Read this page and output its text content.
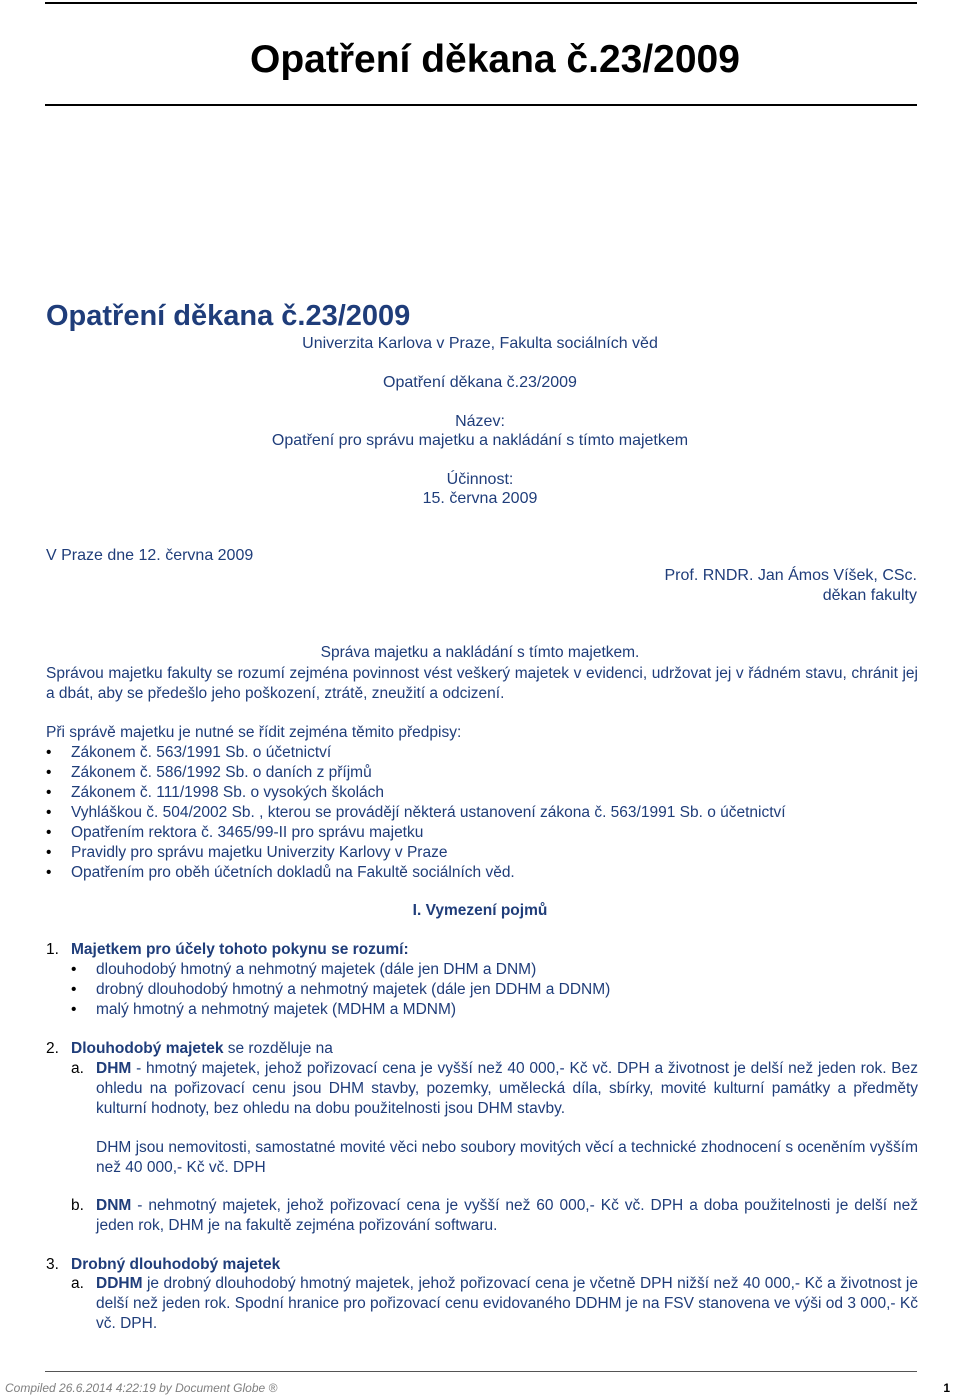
Opatření děkana č.23/2009
Opatření děkana č.23/2009
Univerzita Karlova v Praze, Fakulta sociálních věd
Opatření děkana č.23/2009
Název:
Opatření pro správu majetku a nakládání s tímto majetkem
Účinnost:
15. června 2009
V Praze dne 12. června 2009
Prof. RNDR. Jan Ámos Víšek, CSc.
děkan fakulty
Správa majetku a nakládání s tímto majetkem.
Správou majetku fakulty se rozumí zejména povinnost vést veškerý majetek v evidenci, udržovat jej v řádném stavu, chránit jej a dbát, aby se předešlo jeho poškození, ztrátě, zneužití a odcizení.
Při správě majetku je nutné se řídit zejména těmito předpisy:
• Zákonem č. 563/1991 Sb. o účetnictví
• Zákonem č. 586/1992 Sb. o daních z příjmů
• Zákonem č. 111/1998 Sb. o vysokých školách
• Vyhláškou č. 504/2002 Sb. , kterou se provádějí některá ustanovení zákona č. 563/1991 Sb. o účetnictví
• Opatřením rektora č. 3465/99-II pro správu majetku
• Pravidly pro správu majetku Univerzity Karlovy v Praze
• Opatřením pro oběh účetních dokladů na Fakultě sociálních věd.
I. Vymezení pojmů
1. Majetkem pro účely tohoto pokynu se rozumí:
• dlouhodobý hmotný a nehmotný majetek (dále jen DHM a DNM)
• drobný dlouhodobý hmotný a nehmotný majetek (dále jen DDHM a DDNM)
• malý hmotný a nehmotný majetek (MDHM a MDNM)
2. Dlouhodobý majetek se rozděluje na
a. DHM - hmotný majetek, jehož pořizovací cena je vyšší než 40 000,- Kč vč. DPH a životnost je delší než jeden rok. Bez ohledu na pořizovací cenu jsou DHM stavby, pozemky, umělecká díla, sbírky, movité kulturní památky a předměty kulturní hodnoty, bez ohledu na dobu použitelnosti jsou DHM stavby.
DHM jsou nemovitosti, samostatné movité věci nebo soubory movitých věcí a technické zhodnocení s oceněním vyšším než 40 000,- Kč vč. DPH
b. DNM - nehmotný majetek, jehož pořizovací cena je vyšší než 60 000,- Kč vč. DPH a doba použitelnosti je delší než jeden rok, DHM je na fakultě zejména pořizování softwaru.
3. Drobný dlouhodobý majetek
a. DDHM je drobný dlouhodobý hmotný majetek, jehož pořizovací cena je včetně DPH nižší než 40 000,- Kč a životnost je delší než jeden rok. Spodní hranice pro pořizovací cenu evidovaného DDHM je na FSV stanovena ve výši od 3 000,- Kč vč. DPH.
Compiled 26.6.2014 4:22:19 by Document Globe ®	1
